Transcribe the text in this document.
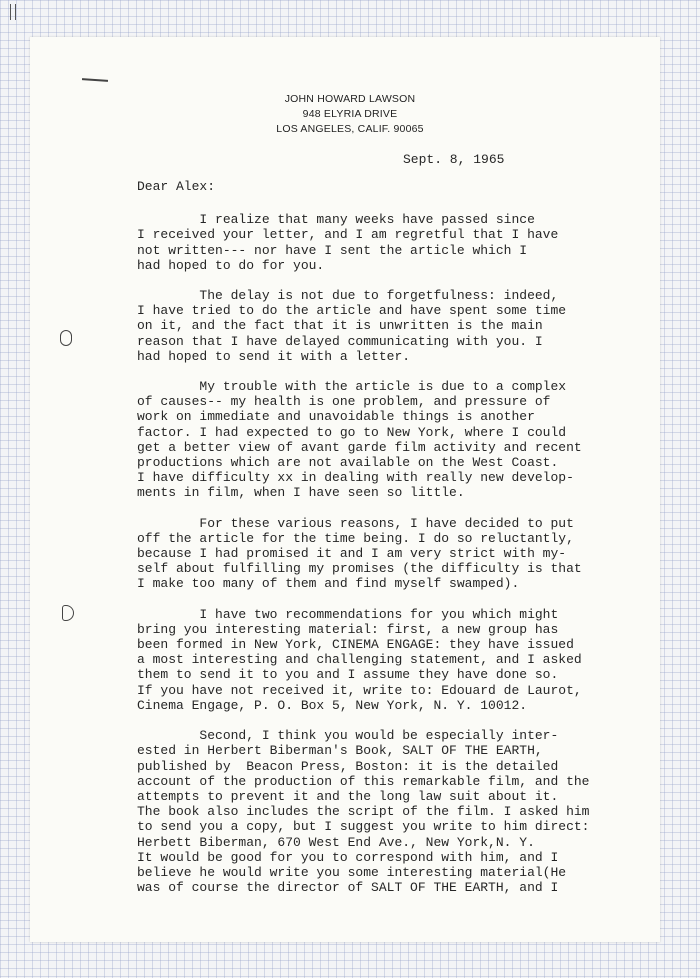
JOHN HOWARD LAWSON
948 ELYRIA DRIVE
LOS ANGELES, CALIF. 90065
Sept. 8, 1965

Dear Alex:

I realize that many weeks have passed since

I received your letter, and I am regretful that I have

not written--- nor have I sent the article which I

had hoped to do for you.

The delay is not due to forgetfulness: indeed,

I have tried to do the article and have spent some time

on it, and the fact that it is unwritten is the main

reason that I have delayed communicating with you. I

had hoped to send it with a letter.

My trouble with the article is due to a complex

of causes-- my health is one problem, and pressure of

work on immediate and unavoidable things is another

factor. I had expected to go to New York, where I could

get a better view of avant garde film activity and recent

productions which are not available on the West Coast.

I have difficulty xx in dealing with really new develop-

ments in film, when I have seen so little.

For these various reasons, I have decided to put

off the article for the time being. I do so reluctantly,

because I had promised it and I am very strict with my-

self about fulfilling my promises (the difficulty is that

I make too many of them and find myself swamped).

I have two recommendations for you which might

bring you interesting material: first, a new group has

been formed in New York, CINEMA ENGAGE: they have issued

a most interesting and challenging statement, and I asked

them to send it to you and I assume they have done so.

If you have not received it, write to: Edouard de Laurot,

Cinema Engage, P. O. Box 5, New York, N. Y. 10012.

Second, I think you would be especially inter-

ested in Herbert Biberman's Book, SALT OF THE EARTH,

published by  Beacon Press, Boston: it is the detailed

account of the production of this remarkable film, and the

attempts to prevent it and the long law suit about it.

The book also includes the script of the film. I asked him

to send you a copy, but I suggest you write to him direct:

Herbett Biberman, 670 West End Ave., New York,N. Y.

It would be good for you to correspond with him, and I

believe he would write you some interesting material(He

was of course the director of SALT OF THE EARTH, and I
